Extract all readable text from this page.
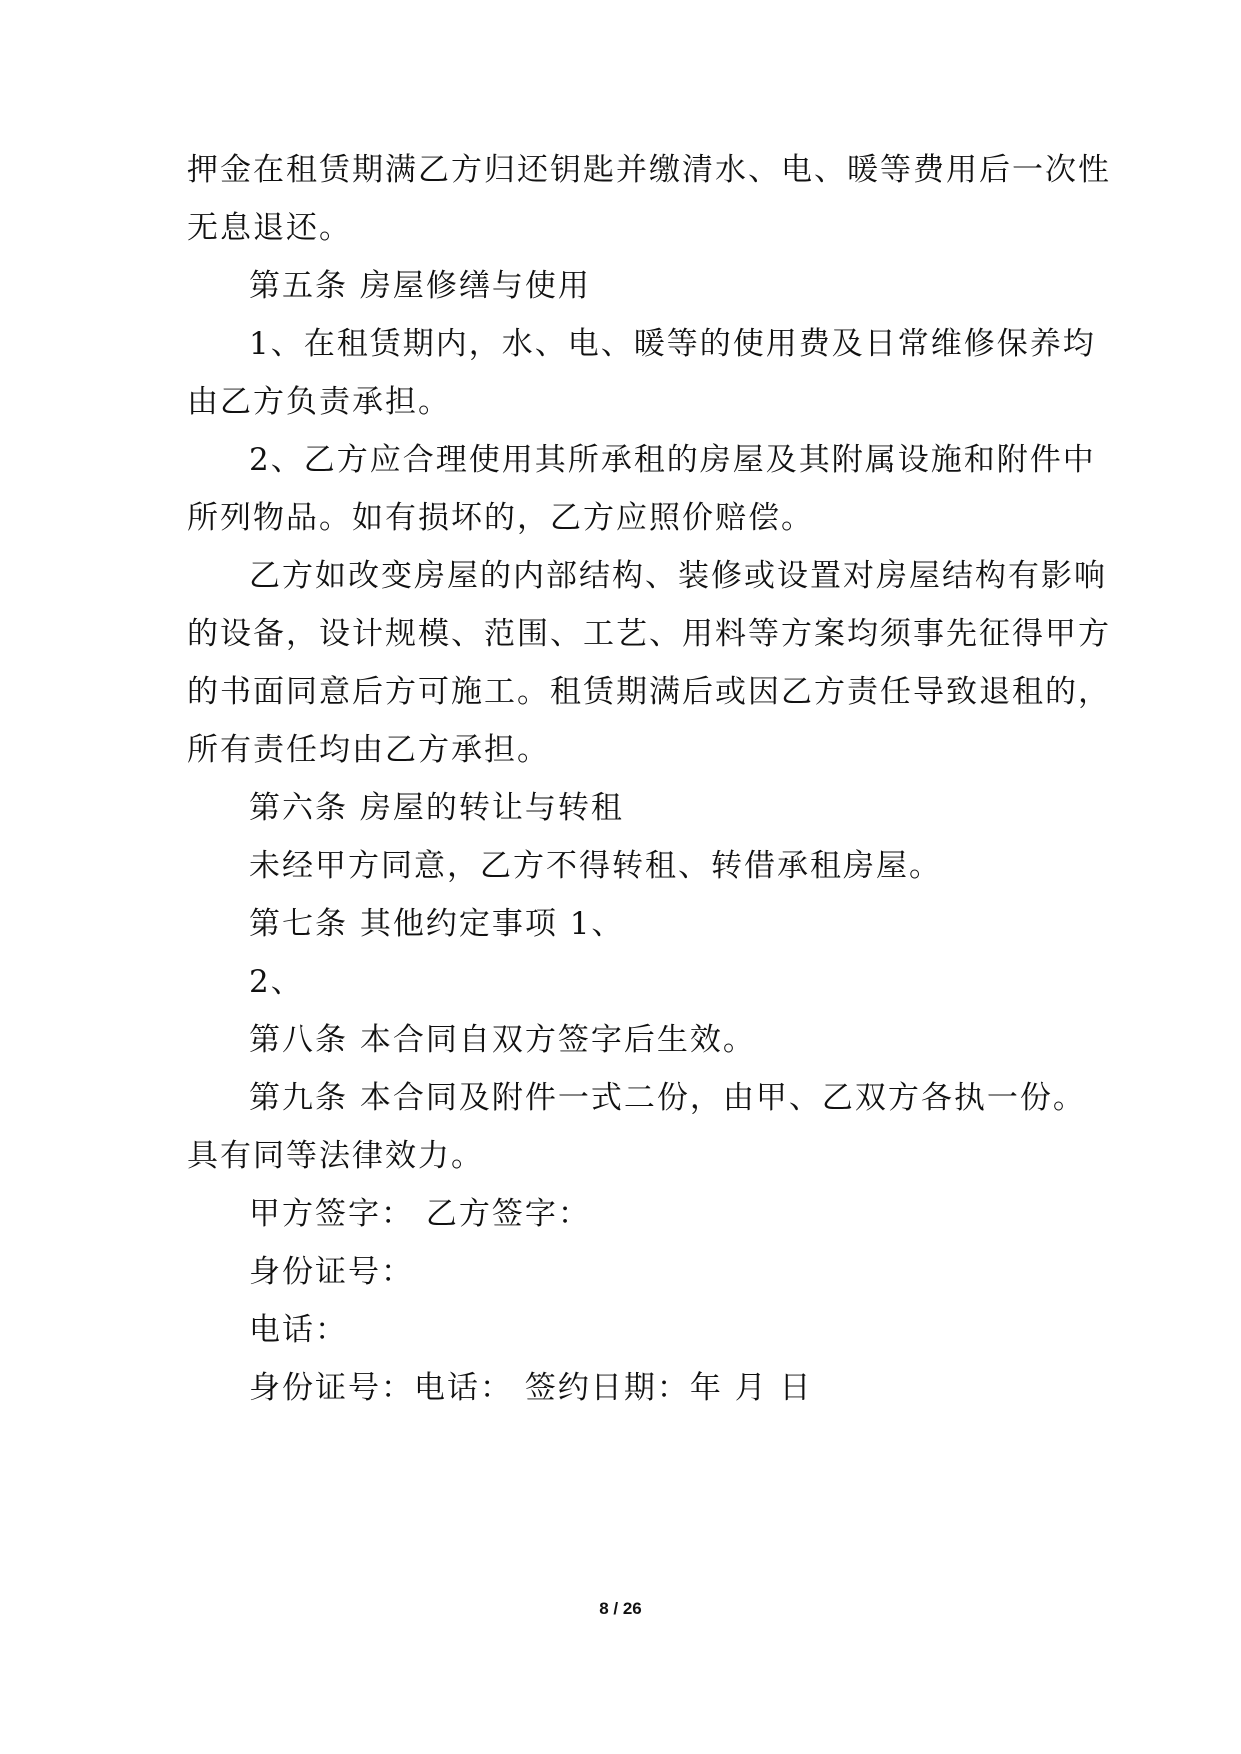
押金在租赁期满乙方归还钥匙并缴清水、电、暖等费用后一次性
无息退还。
第五条 房屋修缮与使用
1、在租赁期内，水、电、暖等的使用费及日常维修保养均
由乙方负责承担。
2、乙方应合理使用其所承租的房屋及其附属设施和附件中
所列物品。如有损坏的，乙方应照价赔偿。
乙方如改变房屋的内部结构、装修或设置对房屋结构有影响
的设备，设计规模、范围、工艺、用料等方案均须事先征得甲方
的书面同意后方可施工。租赁期满后或因乙方责任导致退租的，
所有责任均由乙方承担。
第六条 房屋的转让与转租
未经甲方同意，乙方不得转租、转借承租房屋。
第七条 其他约定事项 1、
2、
第八条 本合同自双方签字后生效。
第九条 本合同及附件一式二份，由甲、乙双方各执一份。
具有同等法律效力。
甲方签字： 乙方签字：
身份证号：
电话：
身份证号：电话： 签约日期：年 月 日
8 / 26
